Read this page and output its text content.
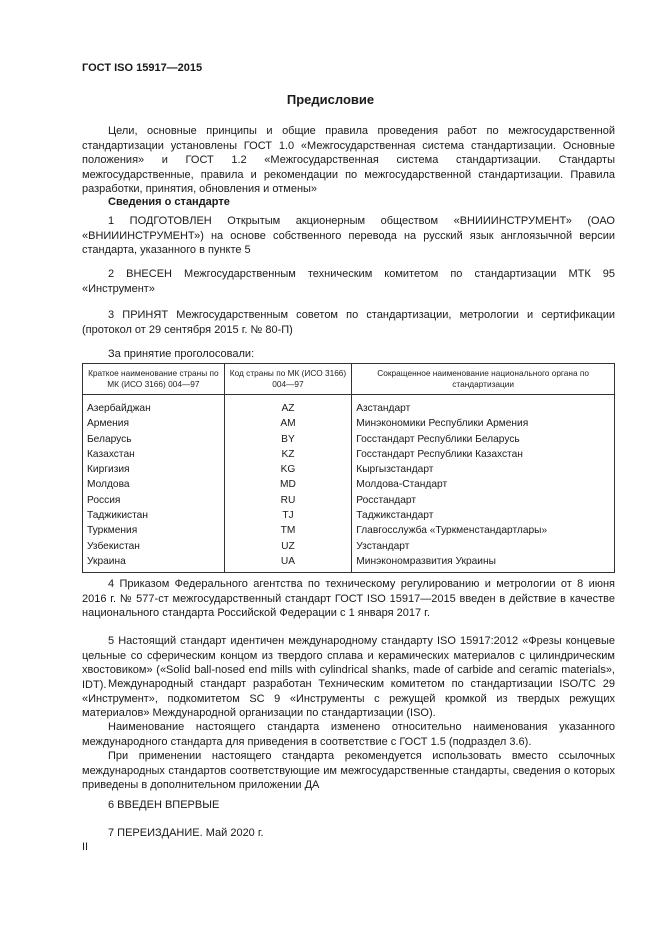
ГОСТ ISO 15917—2015
Предисловие
Цели, основные принципы и общие правила проведения работ по межгосударственной стандартизации установлены ГОСТ 1.0 «Межгосударственная система стандартизации. Основные положения» и ГОСТ 1.2 «Межгосударственная система стандартизации. Стандарты межгосударственные, правила и рекомендации по межгосударственной стандартизации. Правила разработки, принятия, обновления и отмены»
Сведения о стандарте
1 ПОДГОТОВЛЕН Открытым акционерным обществом «ВНИИИНСТРУМЕНТ» (ОАО «ВНИИИНСТРУМЕНТ») на основе собственного перевода на русский язык англоязычной версии стандарта, указанного в пункте 5
2 ВНЕСЕН Межгосударственным техническим комитетом по стандартизации МТК 95 «Инструмент»
3 ПРИНЯТ Межгосударственным советом по стандартизации, метрологии и сертификации (протокол от 29 сентября 2015 г. № 80-П)
За принятие проголосовали:
Краткое наименование страны по МК (ИСО 3166) 004—97	Код страны по МК (ИСО 3166) 004—97	Сокращенное наименование национального органа по стандартизации
Азербайджан	AZ	Азстандарт
Армения	AM	Минэкономики Республики Армения
Беларусь	BY	Госстандарт Республики Беларусь
Казахстан	KZ	Госстандарт Республики Казахстан
Киргизия	KG	Кыргызстандарт
Молдова	MD	Молдова-Стандарт
Россия	RU	Росстандарт
Таджикистан	TJ	Таджикстандарт
Туркмения	TM	Главгосслужба «Туркменстандартлары»
Узбекистан	UZ	Узстандарт
Украина	UA	Минэкономразвития Украины
4 Приказом Федерального агентства по техническому регулированию и метрологии от 8 июня 2016 г. № 577-ст межгосударственный стандарт ГОСТ ISO 15917—2015 введен в действие в качестве национального стандарта Российской Федерации с 1 января 2017 г.
5 Настоящий стандарт идентичен международному стандарту ISO 15917:2012 «Фрезы концевые цельные со сферическим концом из твердого сплава и керамических материалов с цилиндрическим хвостовиком» («Solid ball-nosed end mills with cylindrical shanks, made of carbide and ceramic materials», IDT). Международный стандарт разработан Техническим комитетом по стандартизации ISO/TC 29 «Инструмент», подкомитетом SC 9 «Инструменты с режущей кромкой из твердых режущих материалов» Международной организации по стандартизации (ISO).
Наименование настоящего стандарта изменено относительно наименования указанного международного стандарта для приведения в соответствие с ГОСТ 1.5 (подраздел 3.6).
При применении настоящего стандарта рекомендуется использовать вместо ссылочных международных стандартов соответствующие им межгосударственные стандарты, сведения о которых приведены в дополнительном приложении ДА
6 ВВЕДЕН ВПЕРВЫЕ
7 ПЕРЕИЗДАНИЕ. Май 2020 г.
II
